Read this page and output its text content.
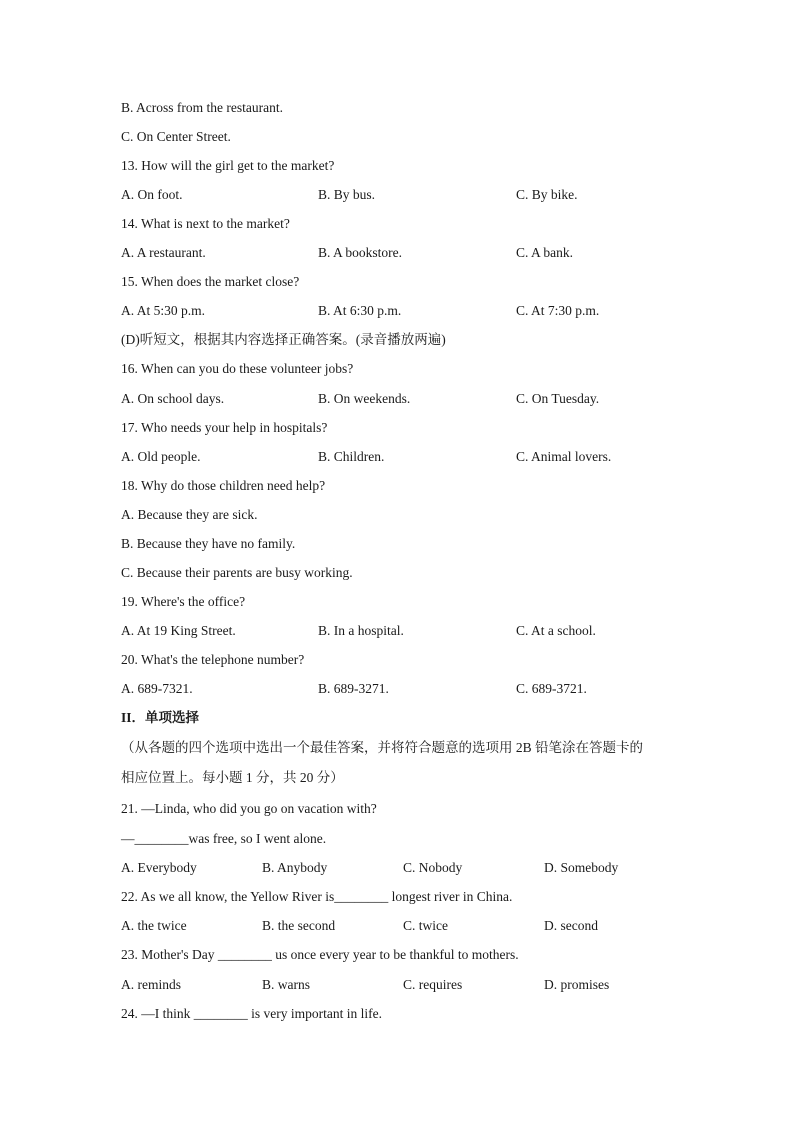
B. Across from the restaurant.
C. On Center Street.
13. How will the girl get to the market?
A. On foot.	B. By bus.	C. By bike.
14. What is next to the market?
A. A restaurant.	B. A bookstore.	C. A bank.
15. When does the market close?
A. At 5:30 p.m.	B. At 6:30 p.m.	C. At 7:30 p.m.
(D)听短文，根据其内容选择正确答案。(录音播放两遍)
16. When can you do these volunteer jobs?
A. On school days.	B. On weekends.	C. On Tuesday.
17. Who needs your help in hospitals?
A. Old people.	B. Children.	C. Animal lovers.
18. Why do those children need help?
A. Because they are sick.
B. Because they have no family.
C. Because their parents are busy working.
19. Where's the office?
A. At 19 King Street.	B. In a hospital.	C. At a school.
20. What's the telephone number?
A. 689-7321.	B. 689-3271.	C. 689-3721.
II．单项选择
（从各题的四个选项中选出一个最佳答案，并将符合题意的选项用 2B 铅笔涂在答题卡的
相应位置上。每小题 1 分，共 20 分）
21. —Linda, who did you go on vacation with?
—________was free, so I went alone.
A. Everybody	B. Anybody	C. Nobody	D. Somebody
22. As we all know, the Yellow River is________ longest river in China.
A. the twice	B. the second	C. twice	D. second
23. Mother's Day ________ us once every year to be thankful to mothers.
A. reminds	B. warns	C. requires	D. promises
24. —I think ________ is very important in life.
